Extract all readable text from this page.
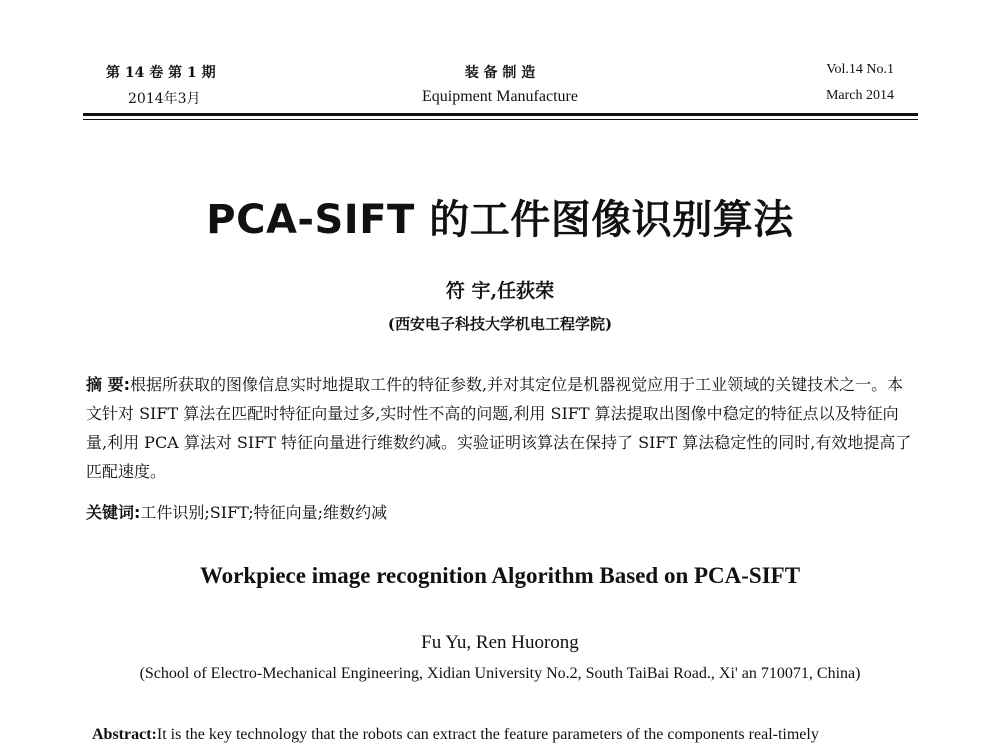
第 14 卷 第 1 期
2014年3月
装 备 制 造
Equipment Manufacture
Vol.14 No.1
March 2014
PCA-SIFT 的工件图像识别算法
符 宇,任荻荣
(西安电子科技大学机电工程学院)
摘 要:根据所获取的图像信息实时地提取工件的特征参数,并对其定位是机器视觉应用于工业领域的关键技术之一。本文针对 SIFT 算法在匹配时特征向量过多,实时性不高的问题,利用 SIFT 算法提取出图像中稳定的特征点以及特征向量,利用 PCA 算法对 SIFT 特征向量进行维数约减。实验证明该算法在保持了 SIFT 算法稳定性的同时,有效地提高了匹配速度。
关键词:工件识别;SIFT;特征向量;维数约减
Workpiece image recognition Algorithm Based on PCA-SIFT
Fu Yu, Ren Huorong
(School of Electro-Mechanical Engineering, Xidian University No.2, South TaiBai Road., Xi' an 710071, China)
Abstract:It is the key technology that the robots can extract the feature parameters of the components real-timely
